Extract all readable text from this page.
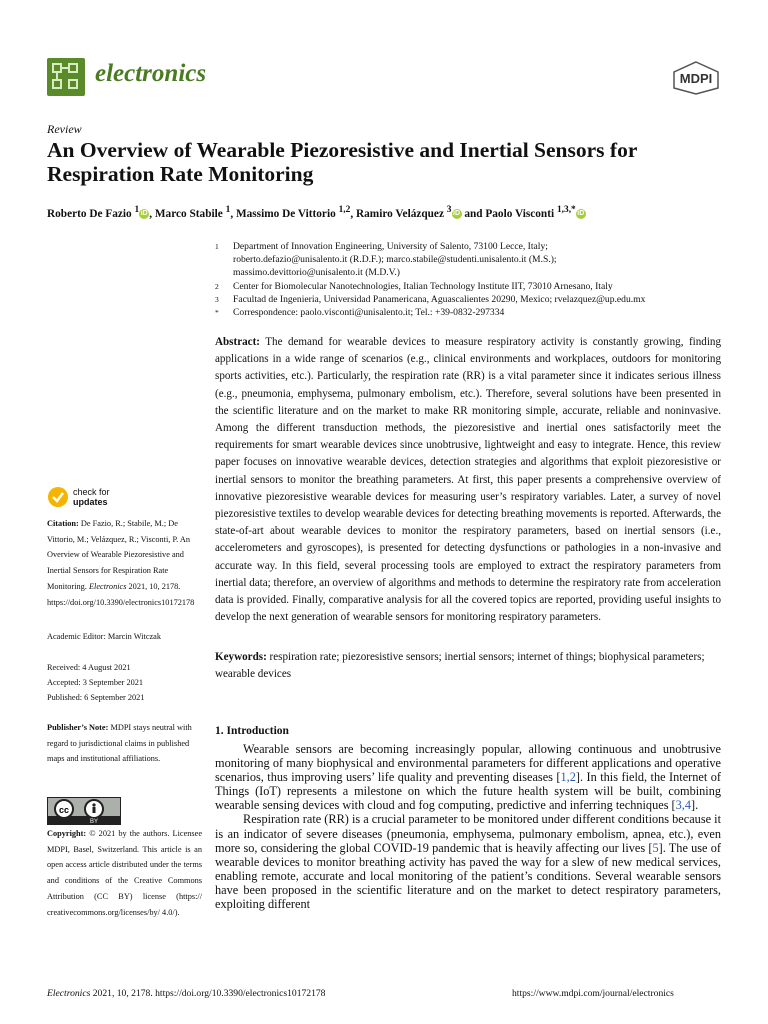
electronics	MDPI
Review
An Overview of Wearable Piezoresistive and Inertial Sensors for Respiration Rate Monitoring
Roberto De Fazio $^1$ iD , Marco Stabile $^1$, Massimo De Vittorio $^{1,2}$, Ramiro Velázquez $^3$ iD and Paolo Visconti $^{1,3,*}$ iD
1	Department of Innovation Engineering, University of Salento, 73100 Lecce, Italy;
roberto.defazio@unisalento.it (R.D.F.); marco.stabile@studenti.unisalento.it (M.S.);
massimo.devittorio@unisalento.it (M.D.V.)
2	Center for Biomolecular Nanotechnologies, Italian Technology Institute IIT, 73010 Arnesano, Italy
3	Facultad de Ingenieria, Universidad Panamericana, Aguascalientes 20290, Mexico; rvelazquez@up.edu.mx
*	Correspondence: paolo.visconti@unisalento.it; Tel.: +39-0832-297334
Abstract: The demand for wearable devices to measure respiratory activity is constantly growing, finding applications in a wide range of scenarios (e.g., clinical environments and workplaces, outdoors for monitoring sports activities, etc.). Particularly, the respiration rate (RR) is a vital parameter since it indicates serious illness (e.g., pneumonia, emphysema, pulmonary embolism, etc.). Therefore, several solutions have been presented in the scientific literature and on the market to make RR monitoring simple, accurate, reliable and noninvasive. Among the different transduction methods, the piezoresistive and inertial ones satisfactorily meet the requirements for smart wearable devices since unobtrusive, lightweight and easy to integrate. Hence, this review paper focuses on innovative wearable devices, detection strategies and algorithms that exploit piezoresistive or inertial sensors to monitor the breathing parameters. At first, this paper presents a comprehensive overview of innovative piezoresistive wearable devices for measuring user’s respiratory variables. Later, a survey of novel piezoresistive textiles to develop wearable devices for detecting breathing movements is reported. Afterwards, the state-of-art about wearable devices to monitor the respiratory parameters, based on inertial sensors (i.e., accelerometers and gyroscopes), is presented for detecting dysfunctions or pathologies in a non-invasive and accurate way. In this field, several processing tools are employed to extract the respiratory parameters from inertial data; therefore, an overview of algorithms and methods to determine the respiratory rate from acceleration data is provided. Finally, comparative analysis for all the covered topics are reported, providing useful insights to develop the next generation of wearable sensors for monitoring respiratory parameters.
Keywords: respiration rate; piezoresistive sensors; inertial sensors; internet of things; biophysical parameters; wearable devices
check for
updates
Citation: De Fazio, R.; Stabile, M.; De Vittorio, M.; Velázquez, R.; Visconti, P. An Overview of Wearable Piezoresistive and Inertial Sensors for Respiration Rate Monitoring. Electronics 2021, 10, 2178. https://doi.org/10.3390/electronics10172178
Academic Editor: Marcin Witczak
Received: 4 August 2021
Accepted: 3 September 2021
Published: 6 September 2021
Publisher’s Note: MDPI stays neutral with regard to jurisdictional claims in published maps and institutional affiliations.
cc
BY
Copyright: © 2021 by the authors. Licensee MDPI, Basel, Switzerland. This article is an open access article distributed under the terms and conditions of the Creative Commons Attribution (CC BY) license (https:// creativecommons.org/licenses/by/ 4.0/).
1. Introduction

Wearable sensors are becoming increasingly popular, allowing continuous and unobtrusive monitoring of many biophysical and environmental parameters for different applications and operative scenarios, thus improving users’ life quality and preventing diseases [1,2]. In this field, the Internet of Things (IoT) represents a milestone on which the future health system will be built, combining wearable sensing devices with cloud and fog computing, predictive and inferring techniques [3,4].

Respiration rate (RR) is a crucial parameter to be monitored under different conditions because it is an indicator of severe diseases (pneumonia, emphysema, pulmonary embolism, apnea, etc.), even more so, considering the global COVID-19 pandemic that is heavily affecting our lives [5]. The use of wearable devices to monitor breathing activity has paved the way for a slew of new medical services, enabling remote, accurate and local monitoring of the patient’s conditions. Several wearable sensors have been proposed in the scientific literature and on the market to detect respiratory parameters, exploiting different

Electronics 2021, 10, 2178. https://doi.org/10.3390/electronics10172178	https://www.mdpi.com/journal/electronics
